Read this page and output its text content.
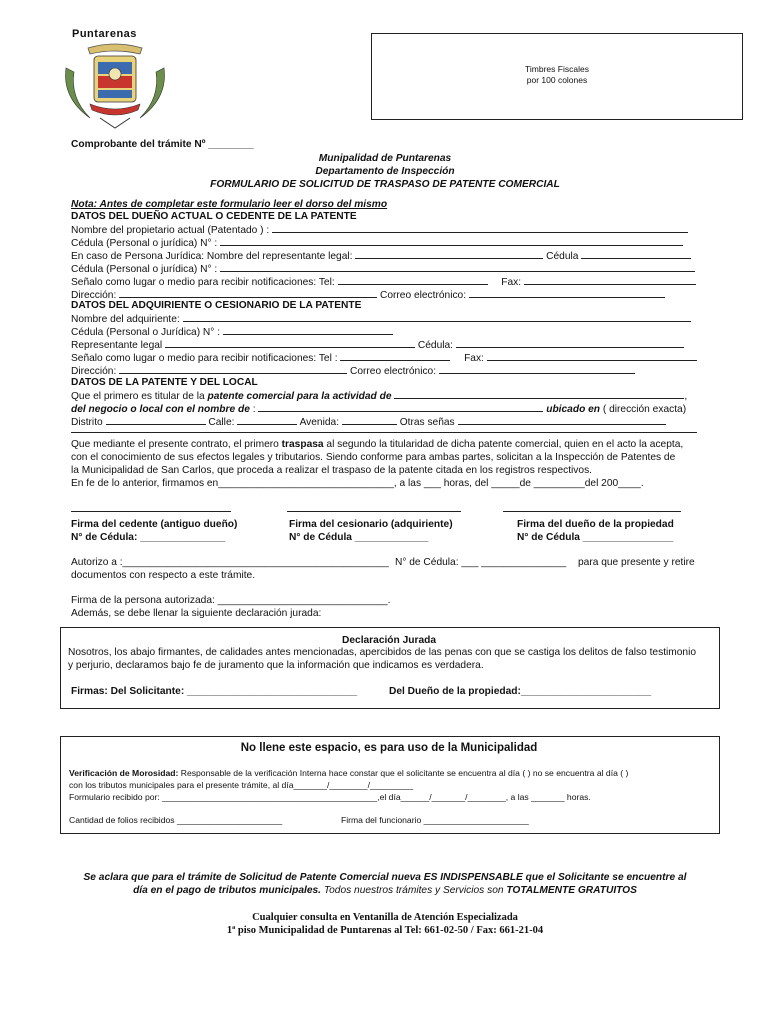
Puntarenas
Timbres Fiscales
por 100 colones
Comprobante del trámite Nº ________
Munipalidad de Puntarenas
Departamento de Inspección
FORMULARIO DE SOLICITUD DE TRASPASO DE PATENTE COMERCIAL
Nota: Antes de completar este formulario leer el dorso del mismo
DATOS DEL DUEÑO ACTUAL O CEDENTE DE LA PATENTE
Nombre del propietario actual (Patentado ) :
Cédula (Personal o jurídica) N° :
En caso de Persona Jurídica: Nombre del representante legal:	Cédula
Cédula (Personal o jurídica) N° :
Señalo como lugar o medio para recibir notificaciones: Tel:	Fax:
Dirección:	Correo electrónico:
DATOS DEL ADQUIRIENTE O CESIONARIO DE LA PATENTE
Nombre del adquiriente:
Cédula (Personal o Jurídica) N° :
Representante legal	Cédula:
Señalo como lugar o medio para recibir notificaciones: Tel :	Fax:
Dirección:	Correo electrónico:
DATOS DE LA PATENTE Y DEL LOCAL
Que el primero es titular de la patente comercial para la actividad de	,
del negocio o local con el nombre de :	ubicado en ( dirección exacta)
Distrito	Calle:	Avenida:	Otras señas
Que mediante el presente contrato, el primero traspasa al segundo la titularidad de dicha patente comercial, quien en el acto la acepta,
con el conocimiento de sus efectos legales y tributarios. Siendo conforme para ambas partes, solicitan a la Inspección de Patentes de
la Municipalidad de San Carlos, que proceda a realizar el traspaso de la patente citada en los registros respectivos.
En fe de lo anterior, firmamos en_______________________________, a las ___ horas, del _____de _________del 200____.
Firma del cedente (antiguo dueño)
N° de Cédula: _______________
Firma del cesionario (adquiriente)
N° de Cédula _____________
Firma del dueño de la propiedad
N° de Cédula ________________
Autorizo a :_______________________________________________ N° de Cédula: ___ _______________ para que presente y retire
documentos con respecto a este trámite.
Firma de la persona autorizada: ______________________________.
Además, se debe llenar la siguiente declaración jurada:
Declaración Jurada
Nosotros, los abajo firmantes, de calidades antes mencionadas, apercibidos de las penas con que se castiga los delitos de falso testimonio
y perjurio, declaramos bajo fe de juramento que la información que indicamos es verdadera.
Firmas: Del Solicitante: ______________________________	Del Dueño de la propiedad:_______________________
No llene este espacio, es para uso de la Municipalidad
Verificación de Morosidad: Responsable de la verificación Interna hace constar que el solicitante se encuentra al día ( ) no se encuentra al día ( )
con los tributos municipales para el presente trámite, al día_______/________/_________
Formulario recibido por: _____________________________________________,el día______/_______/________, a las _______ horas.
Cantidad de folios recibidos ______________________	Firma del funcionario ______________________
Se aclara que para el trámite de Solicitud de Patente Comercial nueva ES INDISPENSABLE que el Solicitante se encuentre al
día en el pago de tributos municipales. Todos nuestros trámites y Servicios son TOTALMENTE GRATUITOS
Cualquier consulta en Ventanilla de Atención Especializada
1ª piso Municipalidad de Puntarenas al Tel: 661-02-50 / Fax: 661-21-04
